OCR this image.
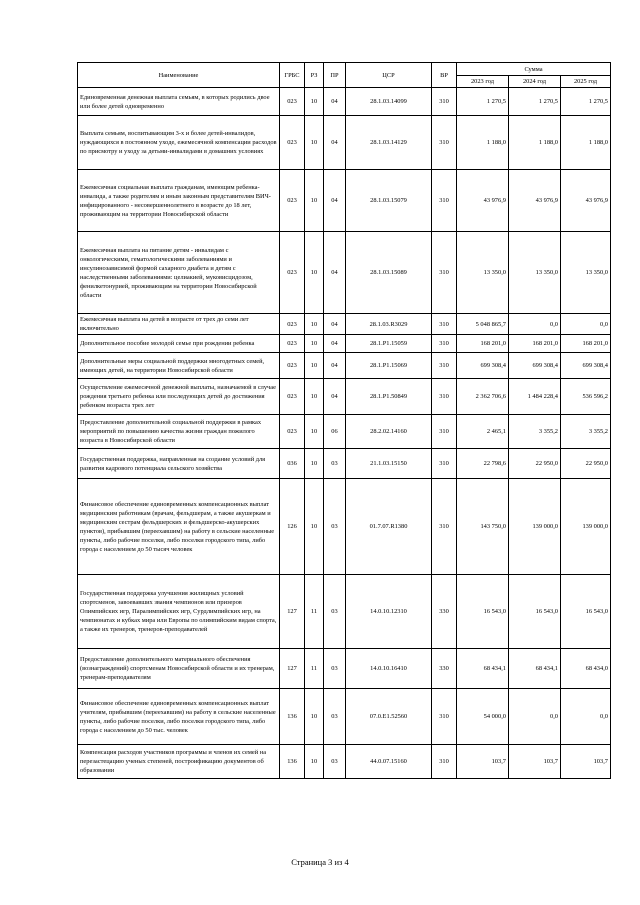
Наименование	ГРБС	РЗ	ПР	ЦСР	ВР	Сумма		
						2023 год	2024 год	2025 год
Единовременная денежная выплата семьям, в которых родились двое или более детей одновременно	023	10	04	28.1.03.14099	310	1 270,5	1 270,5	1 270,5
Выплата семьям, воспитывающим 3-х и более детей-инвалидов, нуждающихся в постоянном уходе, ежемесячной компенсации расходов по присмотру и уходу за детьми-инвалидами в домашних условиях	023	10	04	28.1.03.14129	310	1 188,0	1 188,0	1 188,0
Ежемесячная социальная выплата гражданам, имеющим ребенка-инвалида, а также родителям и иным законным представителям ВИЧ-инфицированного - несовершеннолетнего в возрасте до 18 лет, проживающим на территории Новосибирской области	023	10	04	28.1.03.15079	310	43 976,9	43 976,9	43 976,9
Ежемесячная выплата на питание детям - инвалидам с онкологическими, гематологическими заболеваниями и инсулинозависимой формой сахарного диабета и детям с наследственными заболеваниями: целиакией, муковисцидозом, фенилкетонурией, проживающим на территории Новосибирской области	023	10	04	28.1.03.15089	310	13 350,0	13 350,0	13 350,0
Ежемесячная выплата на детей в возрасте от трех до семи лет включительно	023	10	04	28.1.03.R3029	310	5 048 865,7	0,0	0,0
Дополнительное пособие молодой семье при рождении ребенка	023	10	04	28.1.P1.15059	310	168 201,0	168 201,0	168 201,0
Дополнительные меры социальной поддержки многодетных семей, имеющих детей, на территории Новосибирской области	023	10	04	28.1.P1.15069	310	699 308,4	699 308,4	699 308,4
Осуществление ежемесячной денежной выплаты, назначаемой в случае рождения третьего ребенка или последующих детей до достижения ребенком возраста трех лет	023	10	04	28.1.P1.50849	310	2 362 706,6	1 484 228,4	536 596,2
Предоставление дополнительной социальной поддержки в рамках мероприятий по повышению качества жизни граждан пожилого возраста в Новосибирской области	023	10	06	28.2.02.14160	310	2 465,1	3 355,2	3 355,2
Государственная поддержка, направленная на создание условий для развития кадрового потенциала сельского хозяйства	036	10	03	21.1.03.15150	310	22 798,6	22 950,0	22 950,0
Финансовое обеспечение единовременных компенсационных выплат медицинским работникам (врачам, фельдшерам, а также акушеркам и медицинским сестрам фельдшерских и фельдшерско-акушерских пунктов), прибывшим (переехавшим) на работу в сельские населенные пункты, либо рабочие поселки, либо поселки городского типа, либо города с населением до 50 тысяч человек	126	10	03	01.7.07.R1380	310	143 750,0	139 000,0	139 000,0
Государственная поддержка улучшения жилищных условий спортсменов, завоевавших звания чемпионов или призеров Олимпийских игр, Паралимпийских игр, Сурдлимпийских игр, на чемпионатах и кубках мира или Европы по олимпийским видам спорта, а также их тренеров, тренеров-преподавателей	127	11	03	14.0.10.12310	330	16 543,0	16 543,0	16 543,0
Предоставление дополнительного материального обеспечения (вознаграждений) спортсменам Новосибирской области и их тренерам, тренерам-преподавателям	127	11	03	14.0.10.16410	330	68 434,1	68 434,1	68 434,0
Финансовое обеспечение единовременных компенсационных выплат учителям, прибывшим (переехавшим) на работу в сельские населенные пункты, либо рабочие поселки, либо поселки городского типа, либо города с населением до 50 тыс. человек	136	10	03	07.0.E1.52560	310	54 000,0	0,0	0,0
Компенсация расходов участников программы и членов их семей на перезастецацию ученых степеней, построификацию документов об образовании	136	10	03	44.0.07.15160	310	103,7	103,7	103,7
Страница 3 из 4
